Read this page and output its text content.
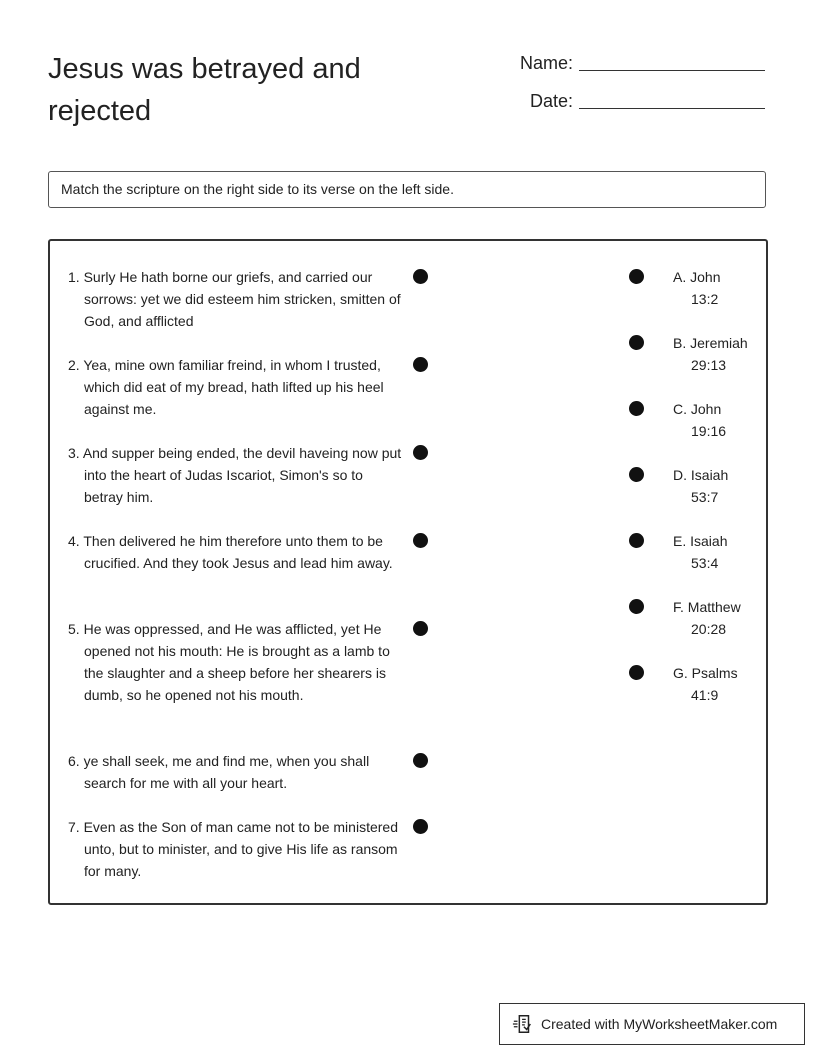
Jesus was betrayed and rejected
Name:
Date:
Match the scripture on the right side to its verse on the left side.
1. Surly He hath borne our griefs, and carried our sorrows: yet we did esteem him stricken, smitten of God, and afflicted
2. Yea, mine own familiar freind, in whom I trusted, which did eat of my bread, hath lifted up his heel against me.
3. And supper being ended, the devil haveing now put into the heart of Judas Iscariot, Simon's so to betray him.
4. Then delivered he him therefore unto them to be crucified. And they took Jesus and lead him away.
5. He was oppressed, and He was afflicted, yet He opened not his mouth: He is brought as a lamb to the slaughter and a sheep before her shearers is dumb, so he opened not his mouth.
6. ye shall seek, me and find me, when you shall search for me with all your heart.
7. Even as the Son of man came not to be ministered unto, but to minister, and to give His life as ransom for many.
A. John
13:2
B. Jeremiah
29:13
C. John
19:16
D. Isaiah
53:7
E. Isaiah
53:4
F. Matthew
20:28
G. Psalms
41:9
Created with MyWorksheetMaker.com
